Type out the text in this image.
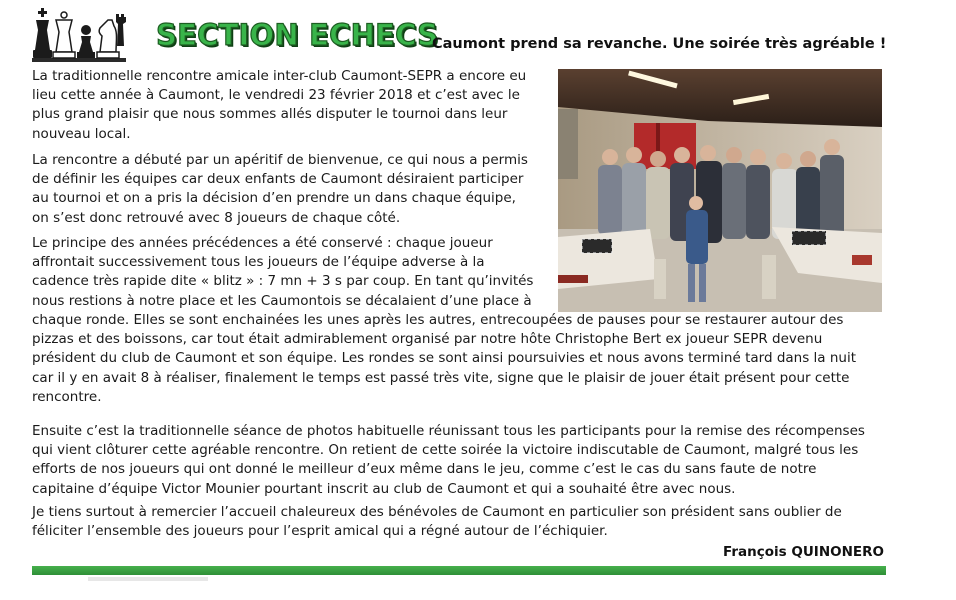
SECTION ECHECS
Caumont prend sa revanche. Une soirée très agréable !

La traditionnelle rencontre amicale inter-club Caumont-SEPR a encore eu
lieu cette année à Caumont, le vendredi 23 février 2018 et c’est avec le
plus grand plaisir que nous sommes allés disputer le tournoi dans leur
nouveau local.

La rencontre a débuté par un apéritif de bienvenue, ce qui nous a permis
de définir les équipes car deux enfants de Caumont désiraient participer
au tournoi et on a pris la décision d’en prendre un dans chaque équipe,
on s’est donc retrouvé avec 8 joueurs de chaque côté.

Le principe des années précédences a été conservé : chaque joueur
affrontait successivement tous les joueurs de l’équipe adverse à la
cadence très rapide dite « blitz » : 7 mn + 3 s par coup. En tant qu’invités
nous restions à notre place et les Caumontois se décalaient d’une place à

chaque ronde. Elles se sont enchainées les unes après les autres, entrecoupées de pauses pour se restaurer autour des
pizzas et des boissons, car tout était admirablement organisé par notre hôte Christophe Bert ex joueur SEPR devenu
président du club de Caumont et son équipe. Les rondes se sont ainsi poursuivies et nous avons terminé tard dans la nuit
car il y en avait 8 à réaliser, finalement le temps est passé très vite, signe que le plaisir de jouer était présent pour cette
rencontre.

Ensuite c’est la traditionnelle séance de photos habituelle réunissant tous les participants pour la remise des récompenses
qui vient clôturer cette agréable rencontre. On retient de cette soirée la victoire indiscutable de Caumont, malgré tous les
efforts de nos joueurs qui ont donné le meilleur d’eux même dans le jeu, comme c’est le cas du sans faute de notre
capitaine d’équipe Victor Mounier pourtant inscrit au club de Caumont et qui a souhaité être avec nous.

Je tiens surtout à remercier l’accueil chaleureux des bénévoles de Caumont en particulier son président sans oublier de
féliciter l’ensemble des joueurs pour l’esprit amical qui a régné autour de l’échiquier.

François QUINONERO
